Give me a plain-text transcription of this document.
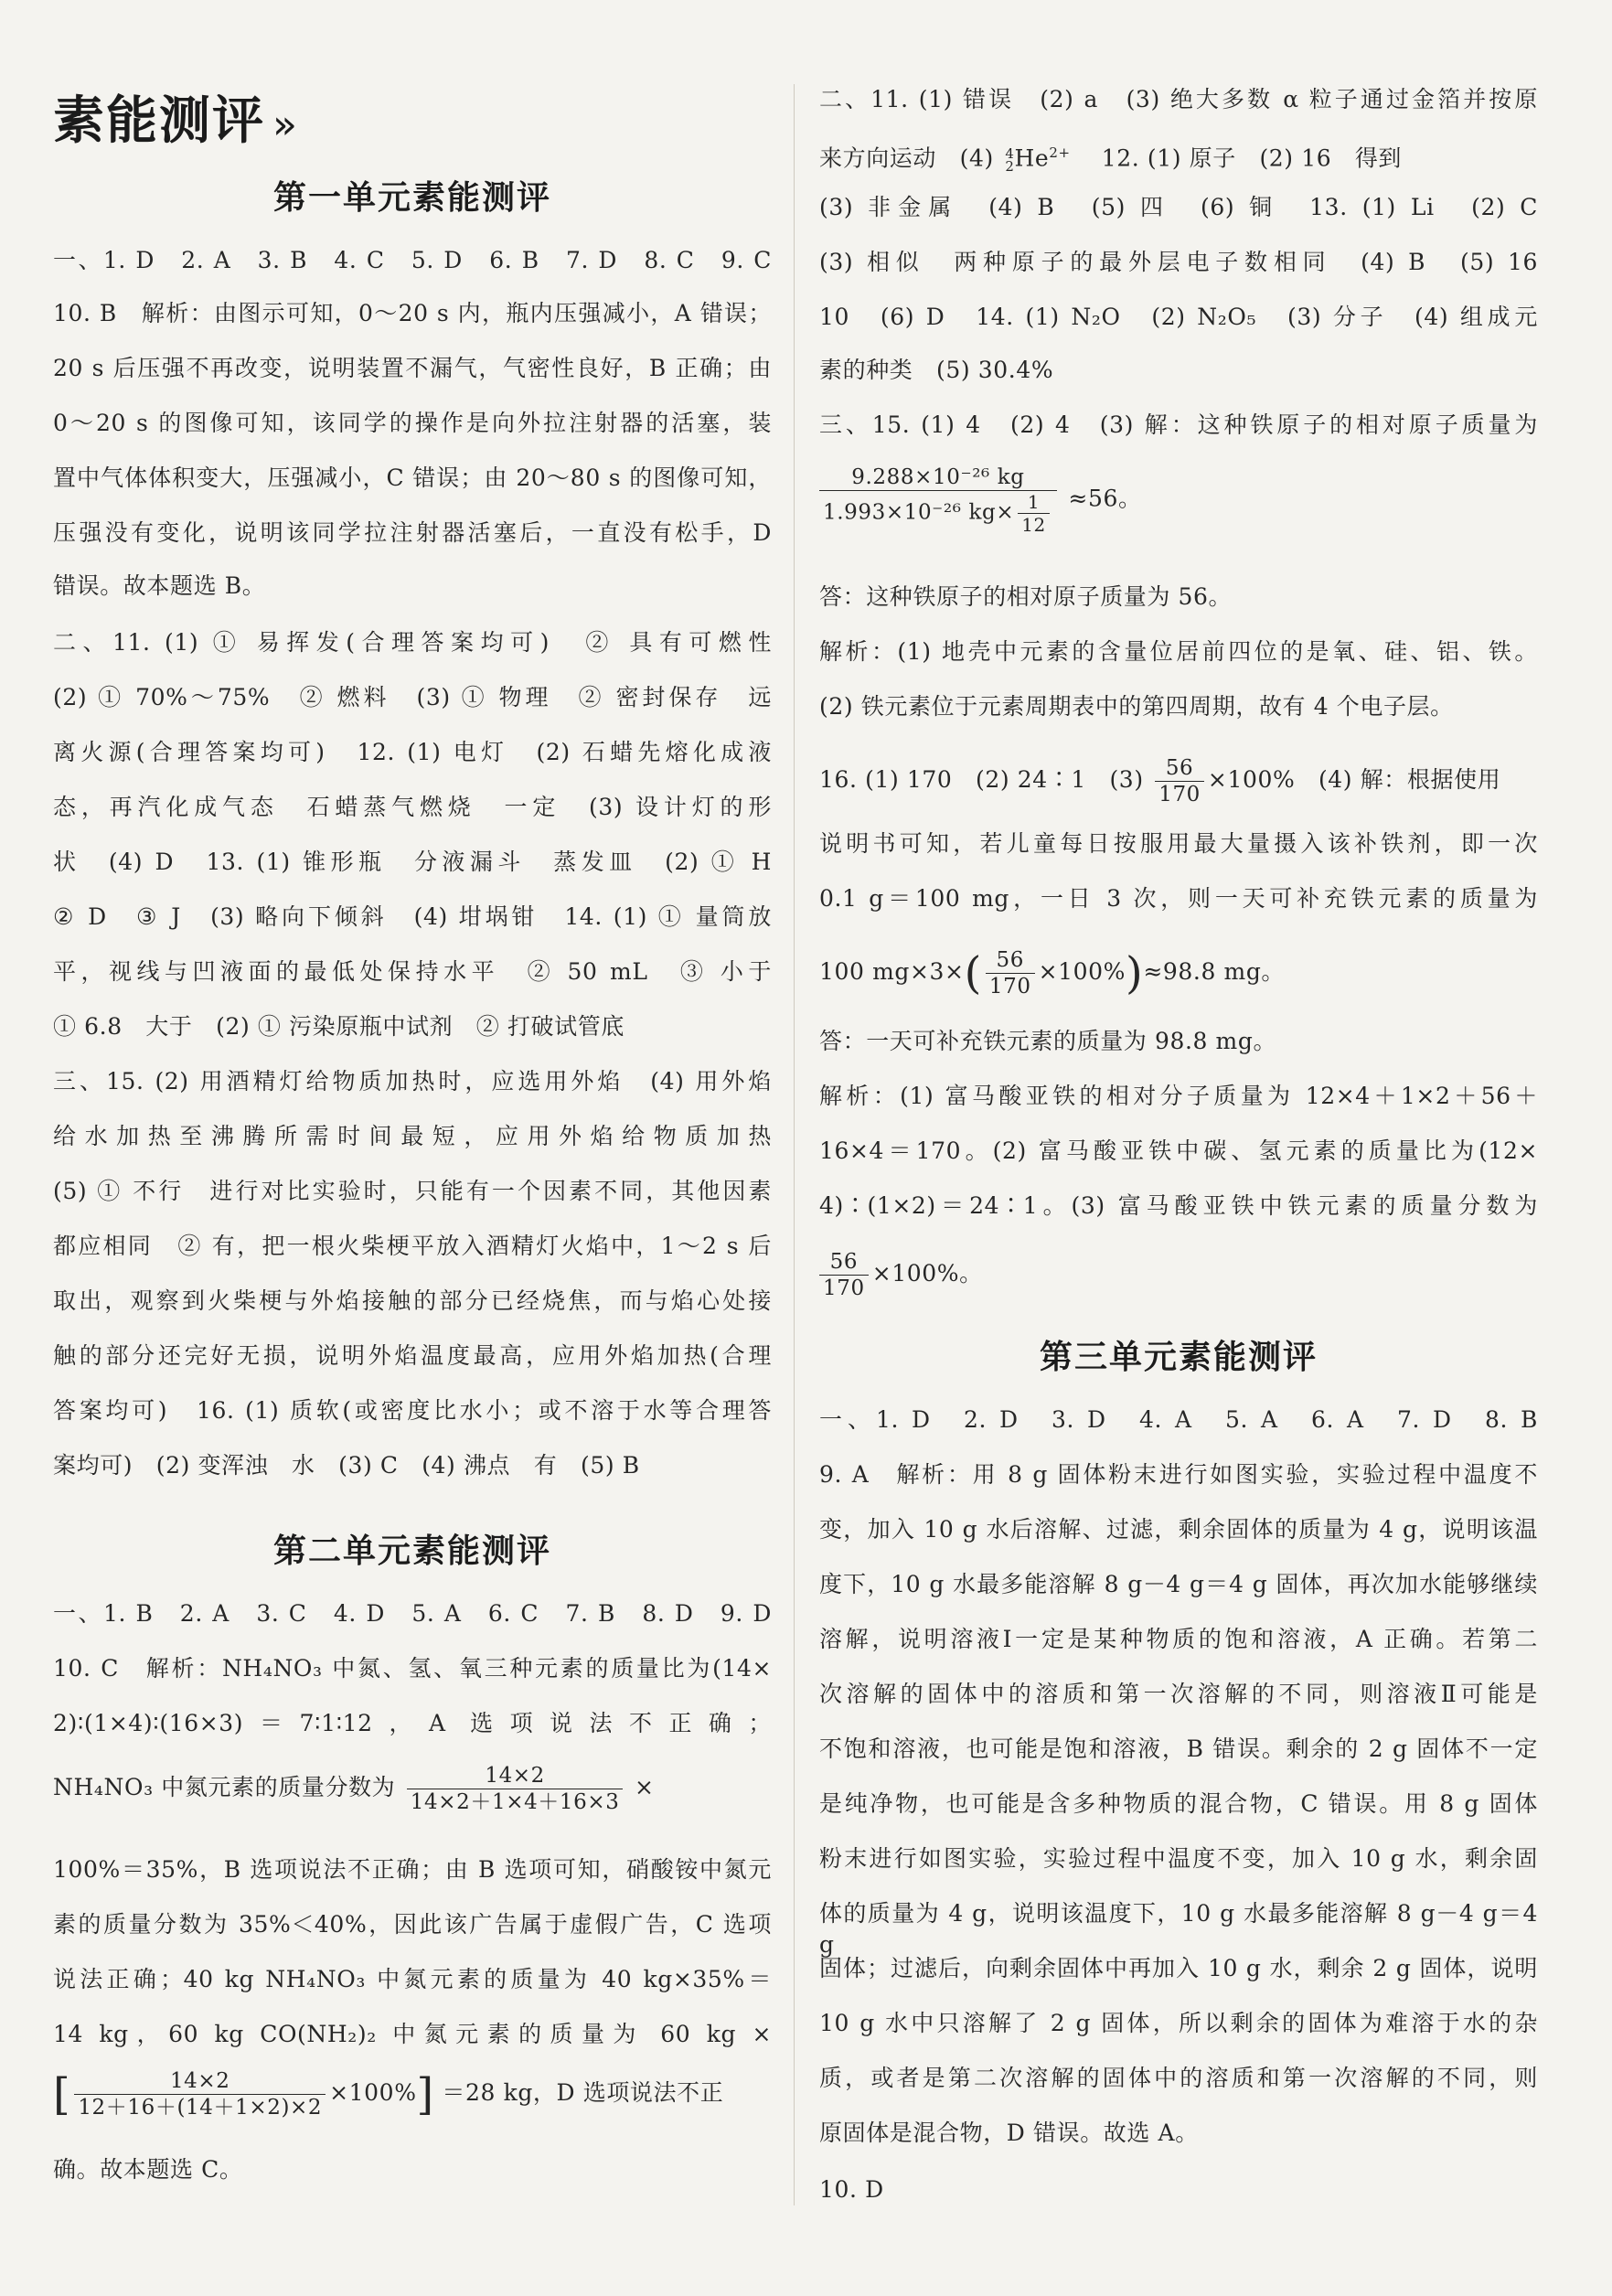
素能测评 »
第一单元素能测评
一、1. D　2. A　3. B　4. C　5. D　6. B　7. D　8. C　9. C
10. B　解析：由图示可知，0～20 s 内，瓶内压强减小，A 错误；
20 s 后压强不再改变，说明装置不漏气，气密性良好，B 正确；由
0～20 s 的图像可知，该同学的操作是向外拉注射器的活塞，装
置中气体体积变大，压强减小，C 错误；由 20～80 s 的图像可知，
压强没有变化，说明该同学拉注射器活塞后，一直没有松手，D
错误。故本题选 B。
二、11. (1) ① 易挥发(合理答案均可)　② 具有可燃性
(2) ① 70%～75%　② 燃料　(3) ① 物理　② 密封保存　远
离火源(合理答案均可)　12. (1) 电灯　(2) 石蜡先熔化成液
态，再汽化成气态　石蜡蒸气燃烧　一定　(3) 设计灯的形
状　(4) D　13. (1) 锥形瓶　分液漏斗　蒸发皿　(2) ① H
② D　③ J　(3) 略向下倾斜　(4) 坩埚钳　14. (1) ① 量筒放
平，视线与凹液面的最低处保持水平　② 50 mL　③ 小于
① 6.8　大于　(2) ① 污染原瓶中试剂　② 打破试管底
三、15. (2) 用酒精灯给物质加热时，应选用外焰　(4) 用外焰
给水加热至沸腾所需时间最短，应用外焰给物质加热
(5) ① 不行　进行对比实验时，只能有一个因素不同，其他因素
都应相同　② 有，把一根火柴梗平放入酒精灯火焰中，1～2 s 后
取出，观察到火柴梗与外焰接触的部分已经烧焦，而与焰心处接
触的部分还完好无损，说明外焰温度最高，应用外焰加热(合理
答案均可)　16. (1) 质软(或密度比水小；或不溶于水等合理答
案均可)　(2) 变浑浊　水　(3) C　(4) 沸点　有　(5) B
第二单元素能测评
一、1. B　2. A　3. C　4. D　5. A　6. C　7. B　8. D　9. D
10. C　解析：NH₄NO₃ 中氮、氢、氧三种元素的质量比为(14×
2)∶(1×4)∶(16×3)＝7∶1∶12，A 选项说法不正确；
NH₄NO₃ 中氮元素的质量分数为 $\frac{14\times 2}{14\times 2+1\times 4+16\times 3}$ ×
100%＝35%，B 选项说法不正确；由 B 选项可知，硝酸铵中氮元
素的质量分数为 35%＜40%，因此该广告属于虚假广告，C 选项
说法正确；40 kg NH₄NO₃ 中氮元素的质量为 40 kg×35%＝
14 kg，60 kg CO(NH₂)₂ 中氮元素的质量为 60 kg ×
[ $\frac{14\times 2}{12+16+(14+1\times 2)\times 2} \times 100\%] =28$ kg，D 选项说法不正
确。故本题选 C。
二、11. (1) 错误　(2) a　(3) 绝大多数 α 粒子通过金箔并按原
来方向运动　(4) 4
2 $He^{2+}$ 　12. (1) 原子　(2) 16　得到
(3) 非金属　(4) B　(5) 四　(6) 铜　13. (1) Li　(2) C
(3) 相似　两种原子的最外层电子数相同　(4) B　(5) 16
10　(6) D　14. (1) N₂O　(2) N₂O₅　(3) 分子　(4) 组成元
素的种类　(5) 30.4%
三、15. (1) 4　(2) 4　(3) 解：这种铁原子的相对原子质量为
$\frac{\text{9.288×10⁻²⁶ kg}}{1.993\times 10^{-26} kg\times \frac{1}{12}} \approx 56$。
答：这种铁原子的相对原子质量为 56。
解析：(1) 地壳中元素的含量位居前四位的是氧、硅、铝、铁。
(2) 铁元素位于元素周期表中的第四周期，故有 4 个电子层。
16. (1) 170　(2) 24∶1　$(3) \frac{56}{170} \times 100\%$　(4) 解：根据使用
说明书可知，若儿童每日按服用最大量摄入该补铁剂，即一次
0.1 g＝100 mg，一日 3 次，则一天可补充铁元素的质量为
100 $mg\times 3\times( \frac{56}{170} \times 100\%)\approx 98.8$ mg。
答：一天可补充铁元素的质量为 98.8 mg。
解析：(1) 富马酸亚铁的相对分子质量为 12×4＋1×2＋56＋
16×4＝170。(2) 富马酸亚铁中碳、氢元素的质量比为(12×
4)∶(1×2)＝24∶1。(3) 富马酸亚铁中铁元素的质量分数为
$\frac{56}{170} \times 100\%$。
第三单元素能测评
一、1. D　2. D　3. D　4. A　5. A　6. A　7. D　8. B
9. A　解析：用 8 g 固体粉末进行如图实验，实验过程中温度不
变，加入 10 g 水后溶解、过滤，剩余固体的质量为 4 g，说明该温
度下，10 g 水最多能溶解 8 g－4 g＝4 g 固体，再次加水能够继续
溶解，说明溶液Ⅰ一定是某种物质的饱和溶液，A 正确。若第二
次溶解的固体中的溶质和第一次溶解的不同，则溶液Ⅱ可能是
不饱和溶液，也可能是饱和溶液，B 错误。剩余的 2 g 固体不一定
是纯净物，也可能是含多种物质的混合物，C 错误。用 8 g 固体
粉末进行如图实验，实验过程中温度不变，加入 10 g 水，剩余固
体的质量为 4 g，说明该温度下，10 g 水最多能溶解 8 g－4 g＝4 g
固体；过滤后，向剩余固体中再加入 10 g 水，剩余 2 g 固体，说明
10 g 水中只溶解了 2 g 固体，所以剩余的固体为难溶于水的杂
质，或者是第二次溶解的固体中的溶质和第一次溶解的不同，则
原固体是混合物，D 错误。故选 A。
10. D
